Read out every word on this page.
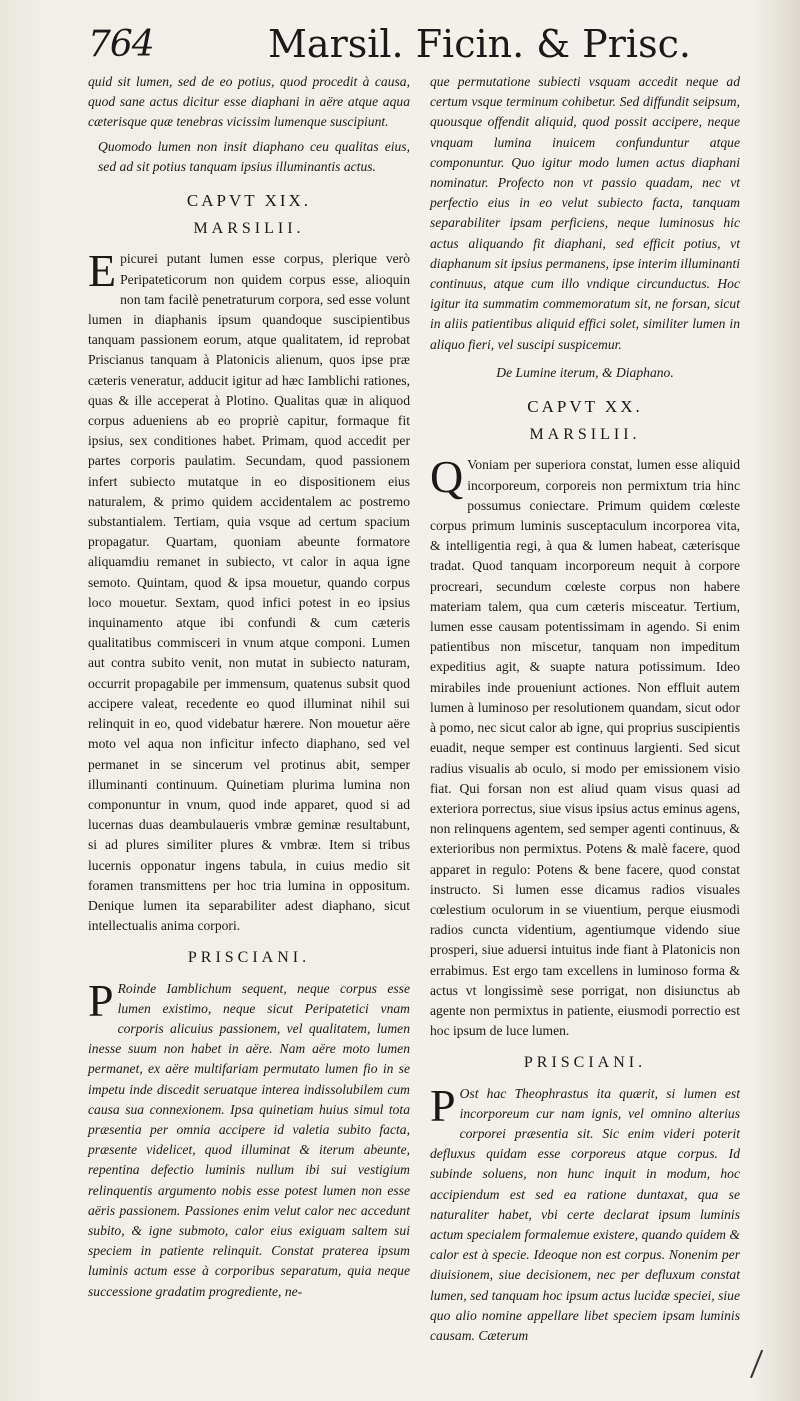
764	Marsil. Ficin. & Prisc.

quid sit lumen, sed de eo potius, quod procedit à causa, quod sane actus dicitur esse diaphani in aëre atque aqua cæterisque quæ tenebras vicissim lumenque suscipiunt.

Quomodo lumen non insit diaphano ceu qualitas eius, sed ad sit potius tanquam ipsius illuminantis actus.

CAPVT XIX.
MARSILII.

Epicurei putant lumen esse corpus, plerique verò Peripateticorum non quidem corpus esse, alioquin non tam facilè penetraturum corpora, sed esse volunt lumen in diaphanis ipsum quandoque suscipientibus tanquam passionem eorum, atque qualitatem, id reprobat Priscianus tanquam à Platonicis alienum, quos ipse præ cæteris veneratur, adducit igitur ad hæc Iamblichi rationes, quas & ille acceperat à Plotino. Qualitas quæ in aliquod corpus adueniens ab eo propriè capitur, formaque fit ipsius, sex conditiones habet. Primam, quod accedit per partes corporis paulatim. Secundam, quod passionem infert subiecto mutatque in eo dispositionem eius naturalem, & primo quidem accidentalem ac postremo substantialem. Tertiam, quia vsque ad certum spacium propagatur. Quartam, quoniam abeunte formatore aliquamdiu remanet in subiecto, vt calor in aqua igne semoto. Quintam, quod & ipsa mouetur, quando corpus loco mouetur. Sextam, quod infici potest in eo ipsius inquinamento atque ibi confundi & cum cæteris qualitatibus commisceri in vnum atque componi. Lumen aut contra subito venit, non mutat in subiecto naturam, occurrit propagabile per immensum, quatenus subsit quod accipere valeat, recedente eo quod illuminat nihil sui relinquit in eo, quod videbatur hærere. Non mouetur aëre moto vel aqua non inficitur infecto diaphano, sed vel permanet in se sincerum vel protinus abit, semper illuminanti continuum. Quinetiam plurima lumina non componuntur in vnum, quod inde apparet, quod si ad lucernas duas deambulaueris vmbræ geminæ resultabunt, si ad plures similiter plures & vmbræ. Item si tribus lucernis opponatur ingens tabula, in cuius medio sit foramen transmittens per hoc tria lumina in oppositum. Denique lumen ita separabiliter adest diaphano, sicut intellectualis anima corpori.

PRISCIANI.

P Roinde Iamblichum sequent, neque corpus esse lumen existimo, neque sicut Peripatetici vnam corporis alicuius passionem, vel qualitatem, lumen inesse suum non habet in aëre. Nam aëre moto lumen permanet, ex aëre multifariam permutato lumen fio in se impetu inde discedit seruatque interea indissolubilem cum causa sua connexionem. Ipsa quinetiam huius simul tota præsentia per omnia accipere id valetia subito facta, præsente videlicet, quod illuminat & iterum abeunte, repentina defectio luminis nullum ibi sui vestigium relinquentis argumento nobis esse potest lumen non esse aëris passionem. Passiones enim velut calor nec accedunt subito, & igne submoto, calor eius exiguam saltem sui speciem in patiente relinquit. Constat praterea ipsum luminis actum esse à corporibus separatum, quia neque successione gradatim progrediente, ne-

que permutatione subiecti vsquam accedit neque ad certum vsque terminum cohibetur. Sed diffundit seipsum, quousque offendit aliquid, quod possit accipere, neque vnquam lumina inuicem confunduntur atque componuntur. Quo igitur modo lumen actus diaphani nominatur. Profecto non vt passio quadam, nec vt perfectio eius in eo velut subiecto facta, tanquam separabiliter ipsam perficiens, neque luminosus hic actus aliquando fit diaphani, sed efficit potius, vt diaphanum sit ipsius permanens, ipse interim illuminanti continuus, atque cum illo vndique circunductus. Hoc igitur ita summatim commemoratum sit, ne forsan, sicut in aliis patientibus aliquid effici solet, similiter lumen in aliquo fieri, vel suscipi suspicemur.

De Lumine iterum, & Diaphano.

CAPVT XX.
MARSILII.

Q Voniam per superiora constat, lumen esse aliquid incorporeum, corporeis non permixtum tria hinc possumus coniectare. Primum quidem cœleste corpus primum luminis susceptaculum incorporea vita, & intelligentia regi, à qua & lumen habeat, cæterisque tradat. Quod tanquam incorporeum nequit à corpore procreari, secundum cœleste corpus non habere materiam talem, qua cum cæteris misceatur. Tertium, lumen esse causam potentissimam in agendo. Si enim patientibus non miscetur, tanquam non impeditum expeditius agit, & suapte natura potissimum. Ideo mirabiles inde proueniunt actiones. Non effluit autem lumen à luminoso per resolutionem quandam, sicut odor à pomo, nec sicut calor ab igne, qui proprius suscipientis euadit, neque semper est continuus largienti. Sed sicut radius visualis ab oculo, si modo per emissionem visio fiat. Qui forsan non est aliud quam visus quasi ad exteriora porrectus, siue visus ipsius actus eminus agens, non relinquens agentem, sed semper agenti continuus, & exterioribus non permixtus. Potens & malè facere, quod apparet in regulo: Potens & bene facere, quod constat instructo. Si lumen esse dicamus radios visuales cœlestium oculorum in se viuentium, perque eiusmodi radios cuncta videntium, agentiumque videndo siue prosperi, siue aduersi intuitus inde fiant à Platonicis non errabimus. Est ergo tam excellens in luminoso forma & actus vt longissimè sese porrigat, non disiunctus ab agente non permixtus in patiente, eiusmodi porrectio est hoc ipsum de luce lumen.

PRISCIANI.

P Ost hac Theophrastus ita quærit, si lumen est incorporeum cur nam ignis, vel omnino alterius corporei præsentia sit. Sic enim videri poterit defluxus quidam esse corporeus atque corpus. Id subinde soluens, non hunc inquit in modum, hoc accipiendum est sed ea ratione duntaxat, qua se naturaliter habet, vbi certe declarat ipsum luminis actum specialem formalemue existere, quando quidem & calor est à specie. Ideoque non est corpus. Nonenim per diuisionem, siue decisionem, nec per defluxum constat lumen, sed tanquam hoc ipsum actus lucidæ speciei, siue quo alio nomine appellare libet speciem ipsam luminis causam. Cæterum
